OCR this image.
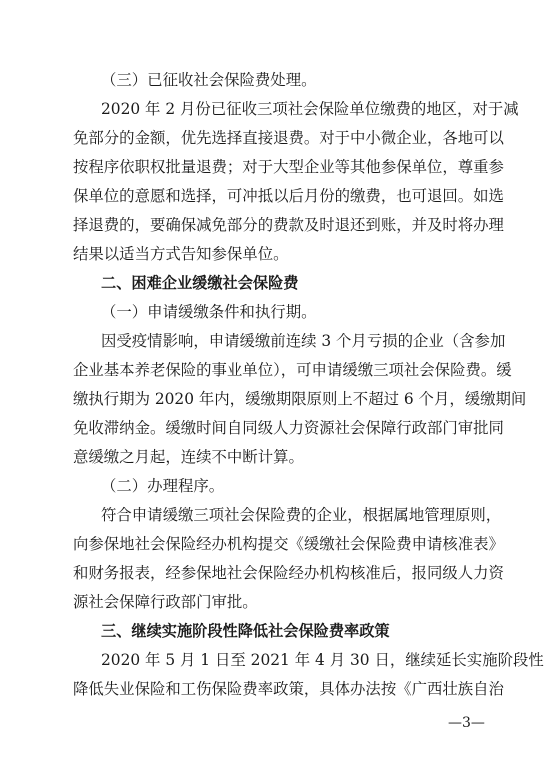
（三）已征收社会保险费处理。
2020 年 2 月份已征收三项社会保险单位缴费的地区，对于减
免部分的金额，优先选择直接退费。对于中小微企业，各地可以
按程序依职权批量退费；对于大型企业等其他参保单位，尊重参
保单位的意愿和选择，可冲抵以后月份的缴费，也可退回。如选
择退费的，要确保减免部分的费款及时退还到账，并及时将办理
结果以适当方式告知参保单位。
二、困难企业缓缴社会保险费
（一）申请缓缴条件和执行期。
因受疫情影响，申请缓缴前连续 3 个月亏损的企业（含参加
企业基本养老保险的事业单位），可申请缓缴三项社会保险费。缓
缴执行期为 2020 年内，缓缴期限原则上不超过 6 个月，缓缴期间
免收滞纳金。缓缴时间自同级人力资源社会保障行政部门审批同
意缓缴之月起，连续不中断计算。
（二）办理程序。
符合申请缓缴三项社会保险费的企业，根据属地管理原则，
向参保地社会保险经办机构提交《缓缴社会保险费申请核准表》
和财务报表，经参保地社会保险经办机构核准后，报同级人力资
源社会保障行政部门审批。
三、继续实施阶段性降低社会保险费率政策
2020 年 5 月 1 日至 2021 年 4 月 30 日，继续延长实施阶段性
降低失业保险和工伤保险费率政策，具体办法按《广西壮族自治
—3—
